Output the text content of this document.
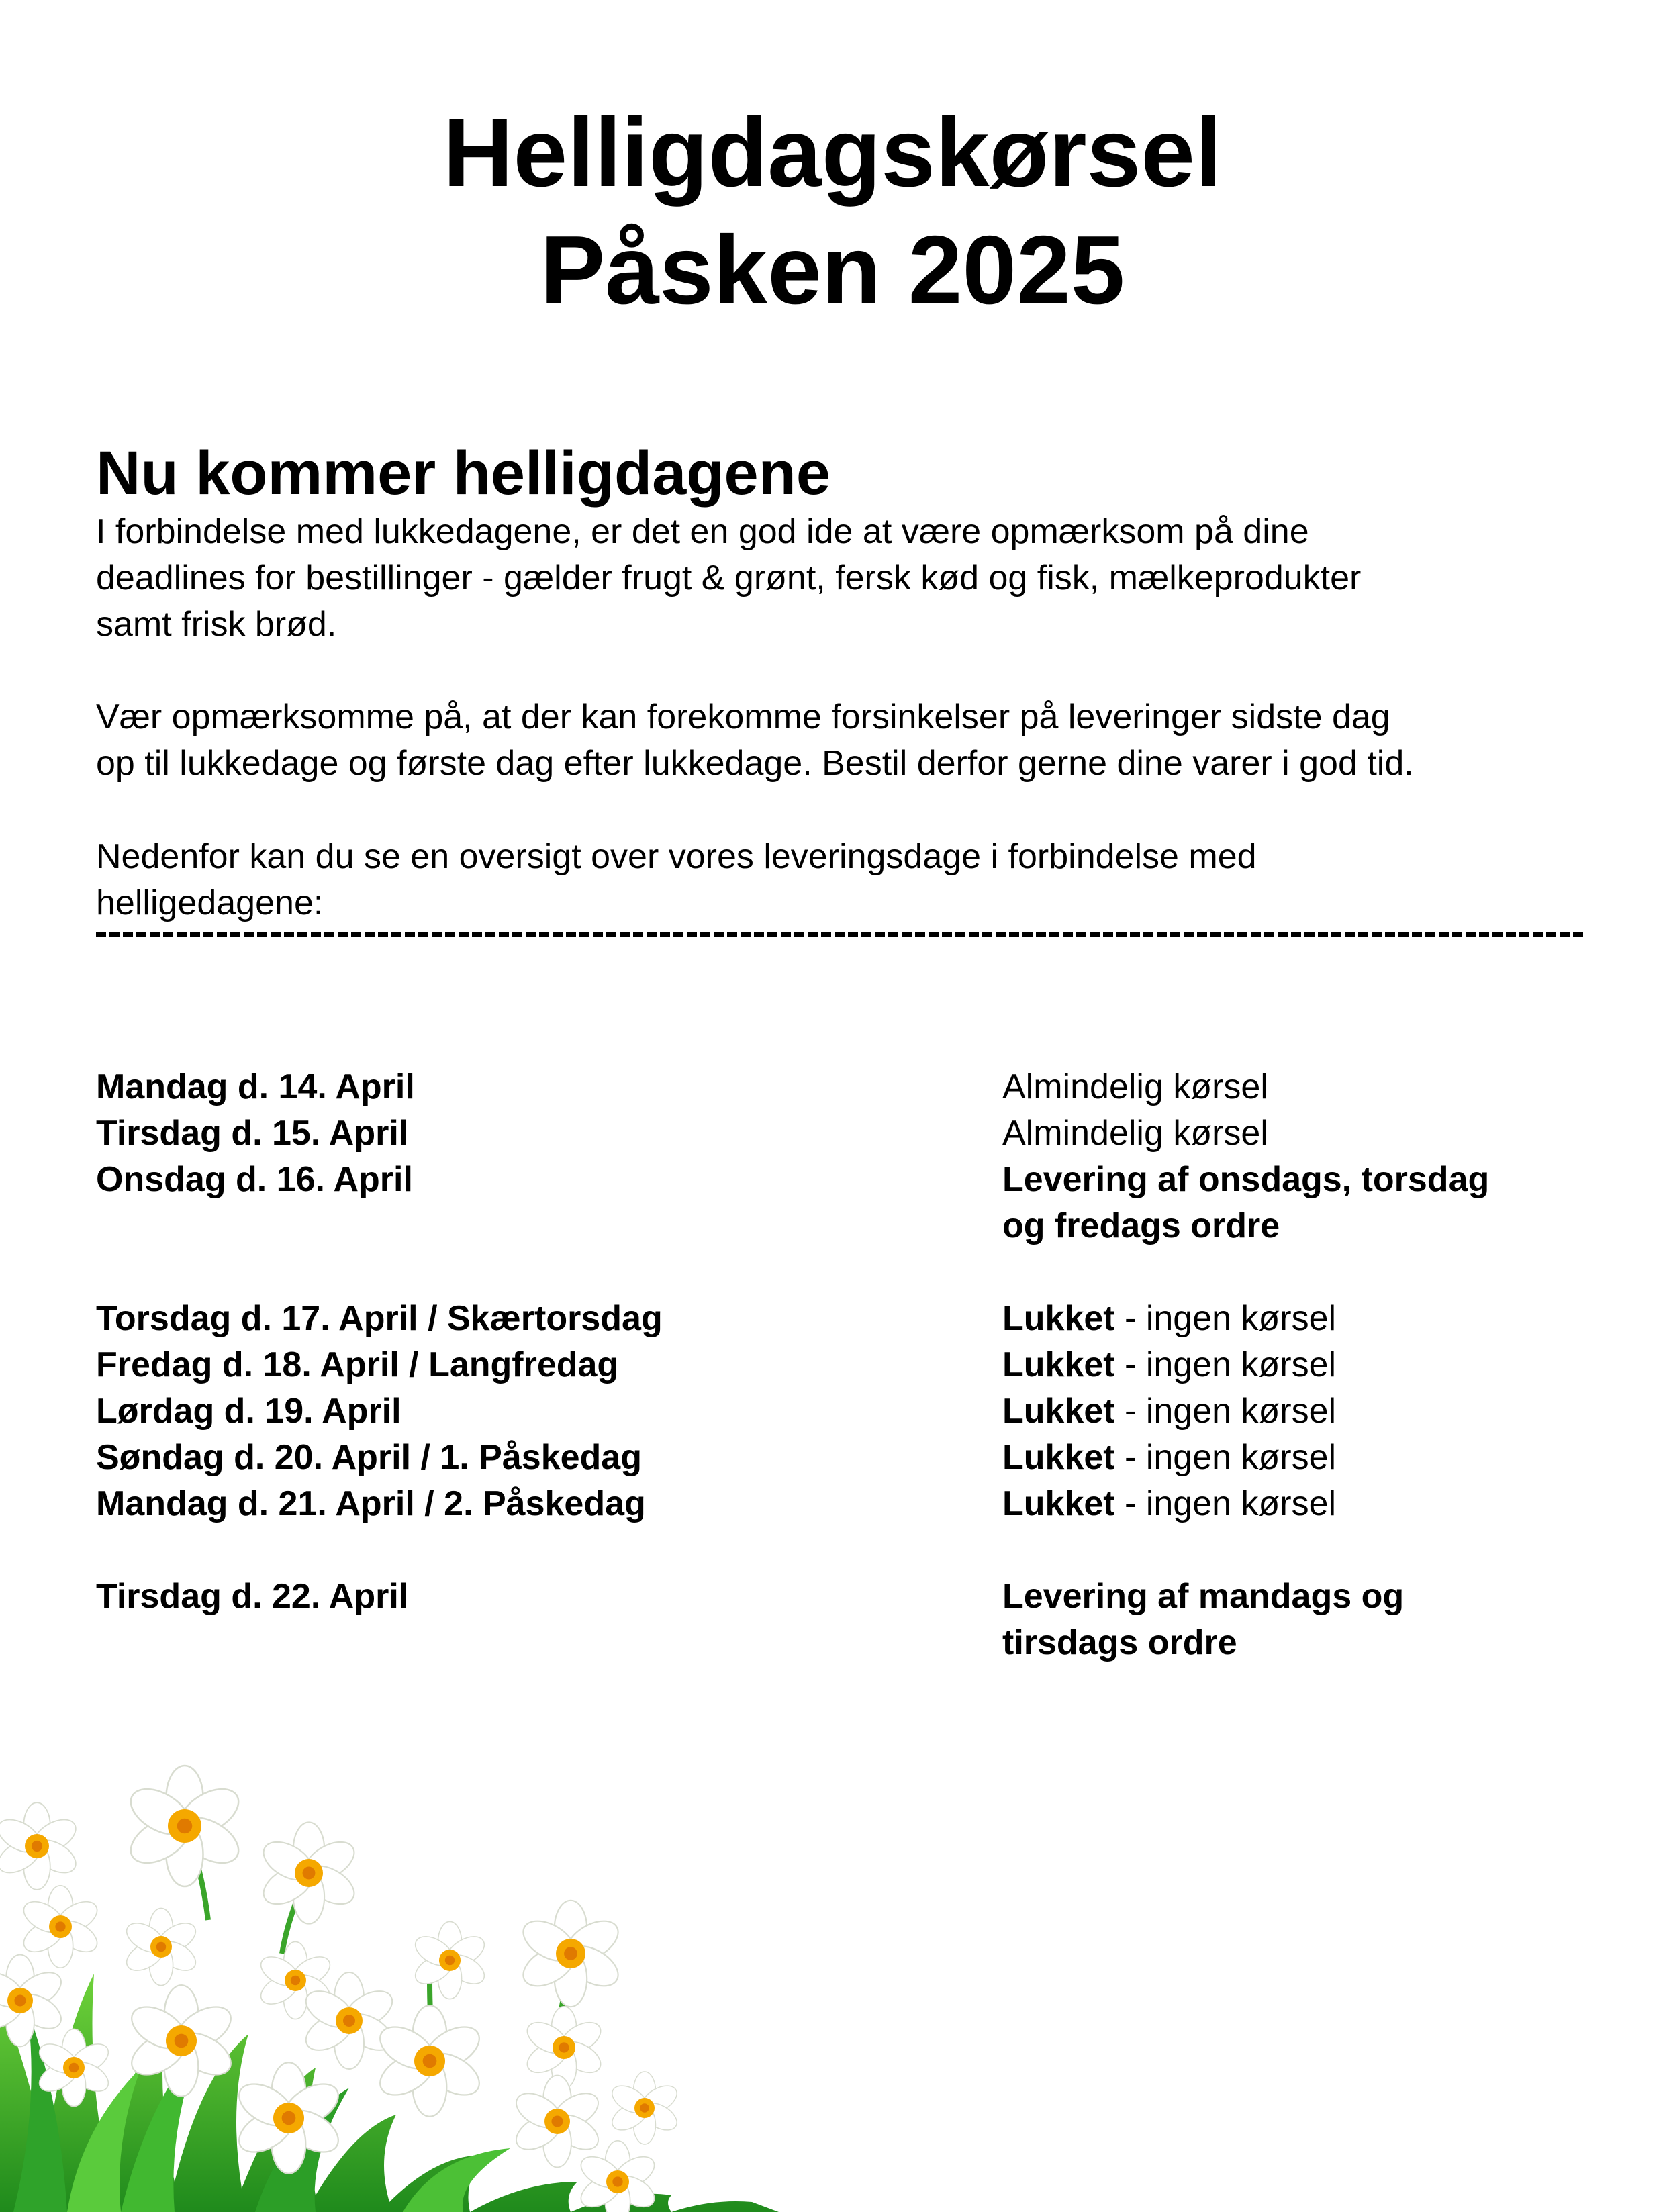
Helligdagskørsel
Påsken 2025
Nu kommer helligdagene
I forbindelse med lukkedagene, er det en god ide at være opmærksom på dine
deadlines for bestillinger - gælder frugt & grønt, fersk kød og fisk, mælkeprodukter
samt frisk brød.
Vær opmærksomme på, at der kan forekomme forsinkelser på leveringer sidste dag
op til lukkedage og første dag efter lukkedage. Bestil derfor gerne dine varer i god tid.
Nedenfor kan du se en oversigt over vores leveringsdage i forbindelse med
helligedagene:
Mandag d. 14. April	Almindelig kørsel
Tirsdag d. 15. April	Almindelig kørsel
Onsdag d. 16. April	Levering af onsdags, torsdag
og fredags ordre
Torsdag d. 17. April / Skærtorsdag	Lukket - ingen kørsel
Fredag d. 18. April / Langfredag	Lukket - ingen kørsel
Lørdag d. 19. April	Lukket - ingen kørsel
Søndag d. 20. April / 1. Påskedag	Lukket - ingen kørsel
Mandag d. 21. April / 2. Påskedag	Lukket - ingen kørsel
Tirsdag d. 22. April	Levering af mandags og
tirsdags ordre
